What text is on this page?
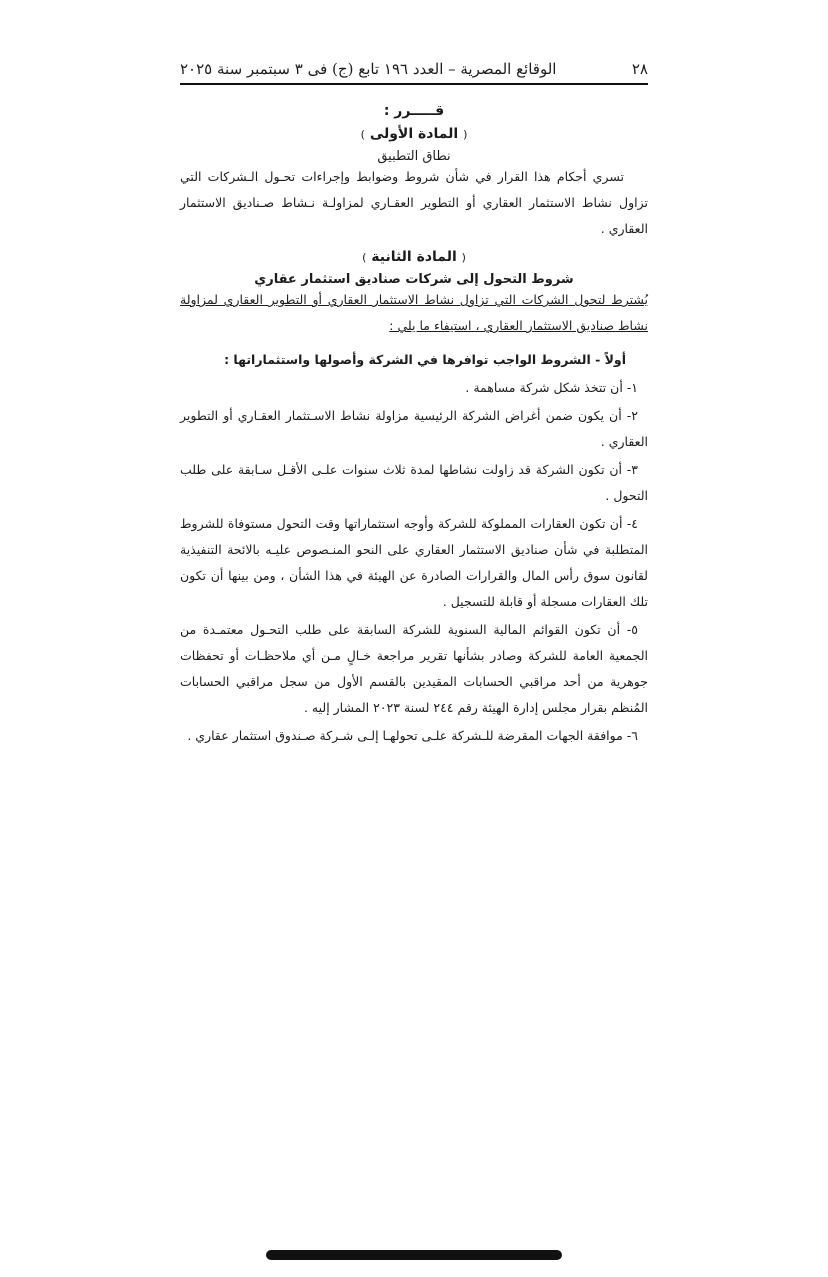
٢٨
الوقائع المصرية – العدد ١٩٦ تابع (ج) فى ٣ سبتمبر سنة ٢٠٢٥
قـــــرر :
( المادة الأولى )
نطاق التطبيق

تسري أحكام هذا القرار في شأن شروط وضوابط وإجراءات تحـول الـشركات التي تزاول نشاط الاستثمار العقاري أو التطوير العقـاري لمزاولـة نـشاط صـناديق الاستثمار العقاري .

( المادة الثانية )
شروط التحول إلى شركات صناديق استثمار عقاري

يُشترط لتحول الشركات التي تزاول نشاط الاستثمار العقاري أو التطوير العقاري لمزاولة نشاط صناديق الاستثمار العقاري ، استيفاء ما يلي :

أولاً - الشروط الواجب توافرها في الشركة وأصولها واستثماراتها :
١- أن تتخذ شكل شركة مساهمة .
٢- أن يكون ضمن أغراض الشركة الرئيسية مزاولة نشاط الاسـتثمار العقـاري أو التطوير العقاري .
٣- أن تكون الشركة قد زاولت نشاطها لمدة ثلاث سنوات علـى الأقـل سـابقة على طلب التحول .
٤- أن تكون العقارات المملوكة للشركة وأوجه استثماراتها وقت التحول مستوفاة للشروط المتطلبة في شأن صناديق الاستثمار العقاري على النحو المنـصوص عليـه بالائحة التنفيذية لقانون سوق رأس المال والقرارات الصادرة عن الهيئة في هذا الشأن ، ومن بينها أن تكون تلك العقارات مسجلة أو قابلة للتسجيل .
٥- أن تكون القوائم المالية السنوية للشركة السابقة على طلب التحـول معتمـدة من الجمعية العامة للشركة وصادر بشأنها تقرير مراجعة خـالٍ مـن أي ملاحظـات أو تحفظات جوهرية من أحد مراقبي الحسابات المقيدين بالقسم الأول من سجل مراقبي الحسابات المُنظم بقرار مجلس إدارة الهيئة رقم ٢٤٤ لسنة ٢٠٢٣ المشار إليه .
٦- موافقة الجهات المقرضة للـشركة علـى تحولهـا إلـى شـركة صـندوق استثمار عقاري .
